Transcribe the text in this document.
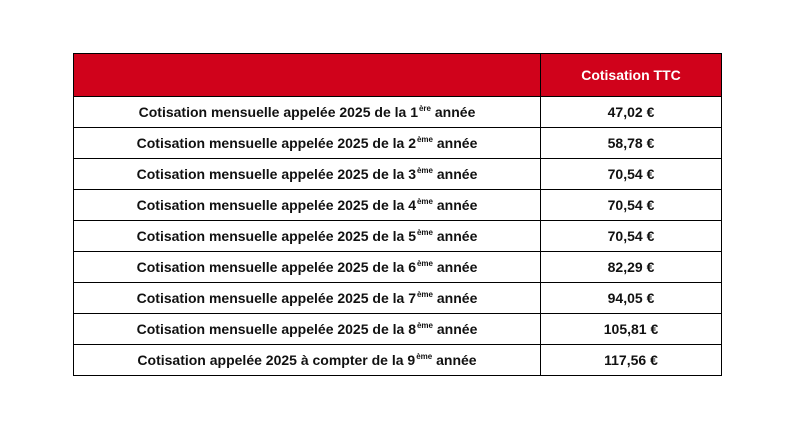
	Cotisation TTC
Cotisation mensuelle appelée 2025 de la 1ère année	47,02 €
Cotisation mensuelle appelée 2025 de la 2ème année	58,78 €
Cotisation mensuelle appelée 2025 de la 3ème année	70,54 €
Cotisation mensuelle appelée 2025 de la 4ème année	70,54 €
Cotisation mensuelle appelée 2025 de la 5ème année	70,54 €
Cotisation mensuelle appelée 2025 de la 6ème année	82,29 €
Cotisation mensuelle appelée 2025 de la 7ème année	94,05 €
Cotisation mensuelle appelée 2025 de la 8ème année	105,81 €
Cotisation appelée 2025 à compter de la 9ème année	117,56 €
